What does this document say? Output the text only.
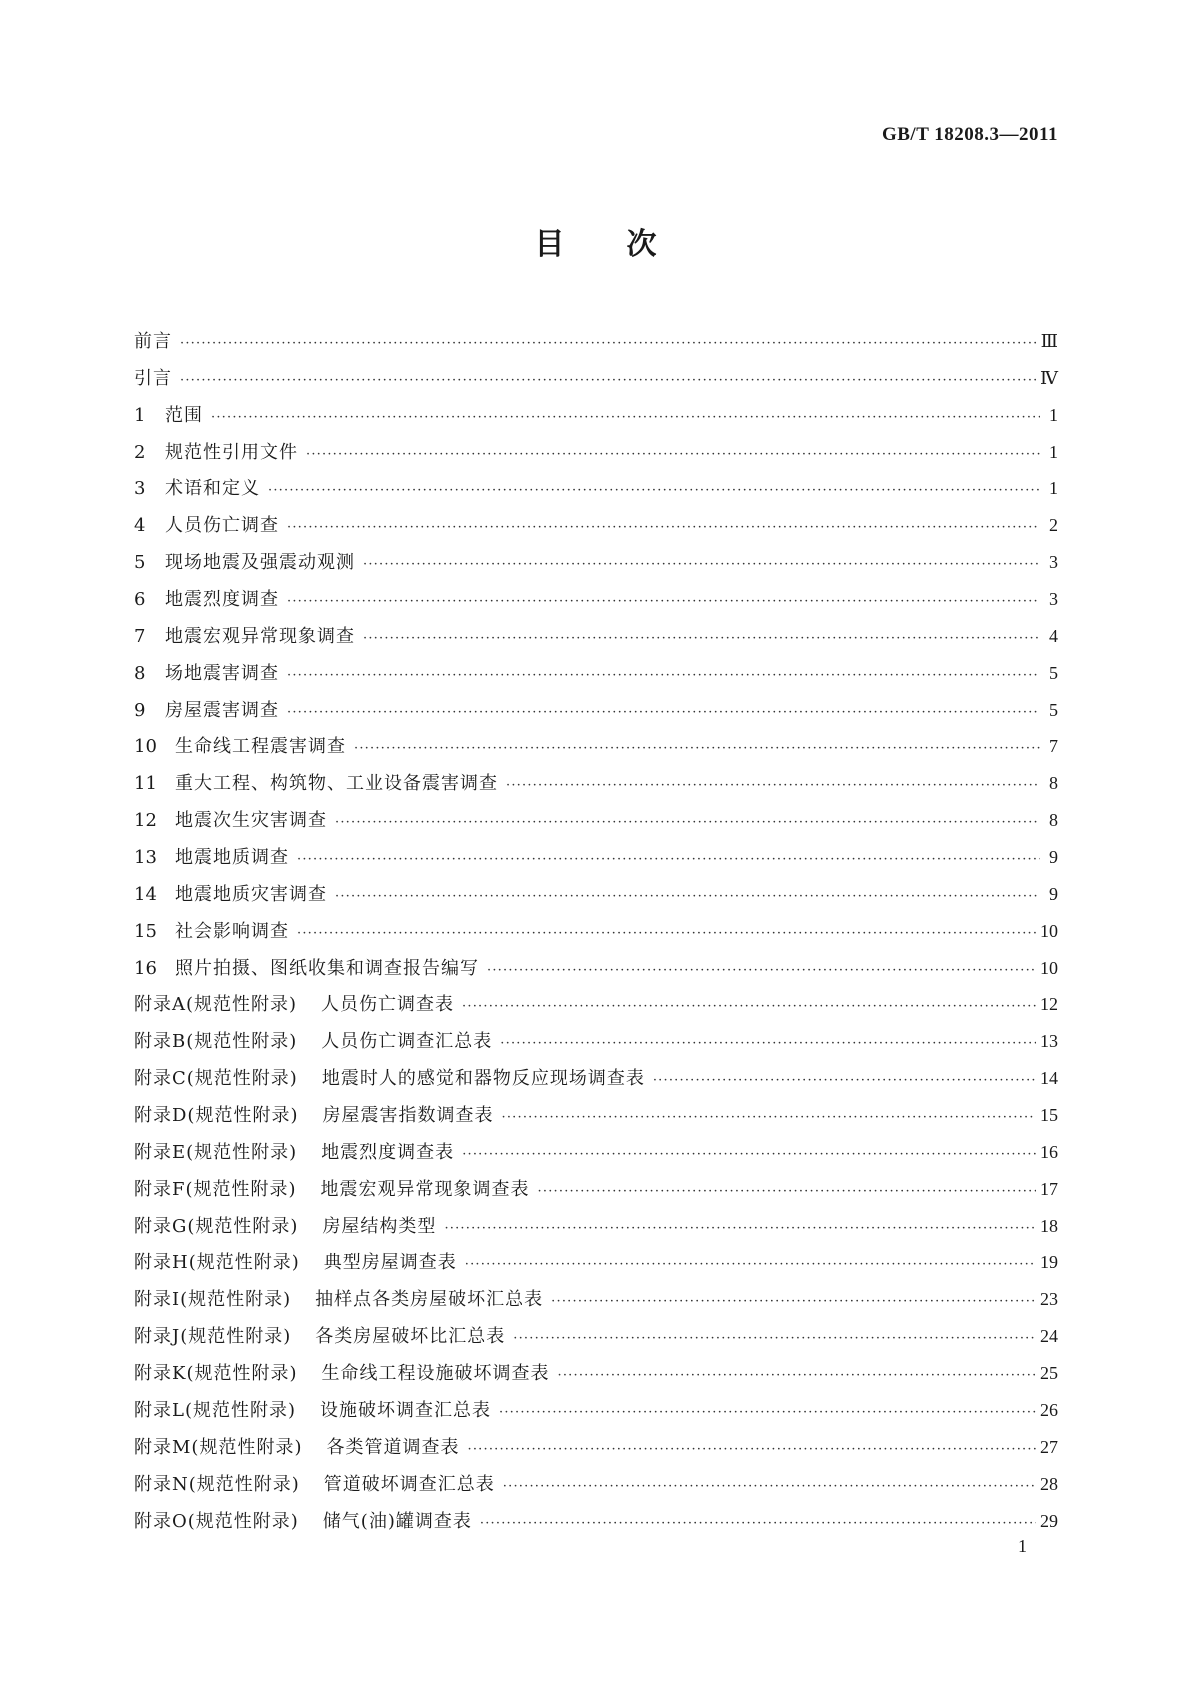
GB/T 18208.3—2011
目次
前言 ·····	Ⅲ
引言 ·····	Ⅳ
1 范围 ·····	1
2 规范性引用文件 ·····	1
3 术语和定义 ·····	1
4 人员伤亡调查 ·····	2
5 现场地震及强震动观测 ·····	3
6 地震烈度调查 ·····	3
7 地震宏观异常现象调查 ·····	4
8 场地震害调查 ·····	5
9 房屋震害调查 ·····	5
10 生命线工程震害调查 ·····	7
11 重大工程、构筑物、工业设备震害调查 ·····	8
12 地震次生灾害调查 ·····	8
13 地震地质调查 ·····	9
14 地震地质灾害调查 ·····	9
15 社会影响调查 ·····	10
16 照片拍摄、图纸收集和调查报告编写 ·····	10
附录A(规范性附录) 人员伤亡调查表 ·····	12
附录B(规范性附录) 人员伤亡调查汇总表 ·····	13
附录C(规范性附录) 地震时人的感觉和器物反应现场调查表 ·····	14
附录D(规范性附录) 房屋震害指数调查表 ·····	15
附录E(规范性附录) 地震烈度调查表 ·····	16
附录F(规范性附录) 地震宏观异常现象调查表 ·····	17
附录G(规范性附录) 房屋结构类型 ·····	18
附录H(规范性附录) 典型房屋调查表 ·····	19
附录I(规范性附录) 抽样点各类房屋破坏汇总表 ·····	23
附录J(规范性附录) 各类房屋破坏比汇总表 ·····	24
附录K(规范性附录) 生命线工程设施破坏调查表 ·····	25
附录L(规范性附录) 设施破坏调查汇总表 ·····	26
附录M(规范性附录) 各类管道调查表 ·····	27
附录N(规范性附录) 管道破坏调查汇总表 ·····	28
附录O(规范性附录) 储气(油)罐调查表 ·····	29
1
